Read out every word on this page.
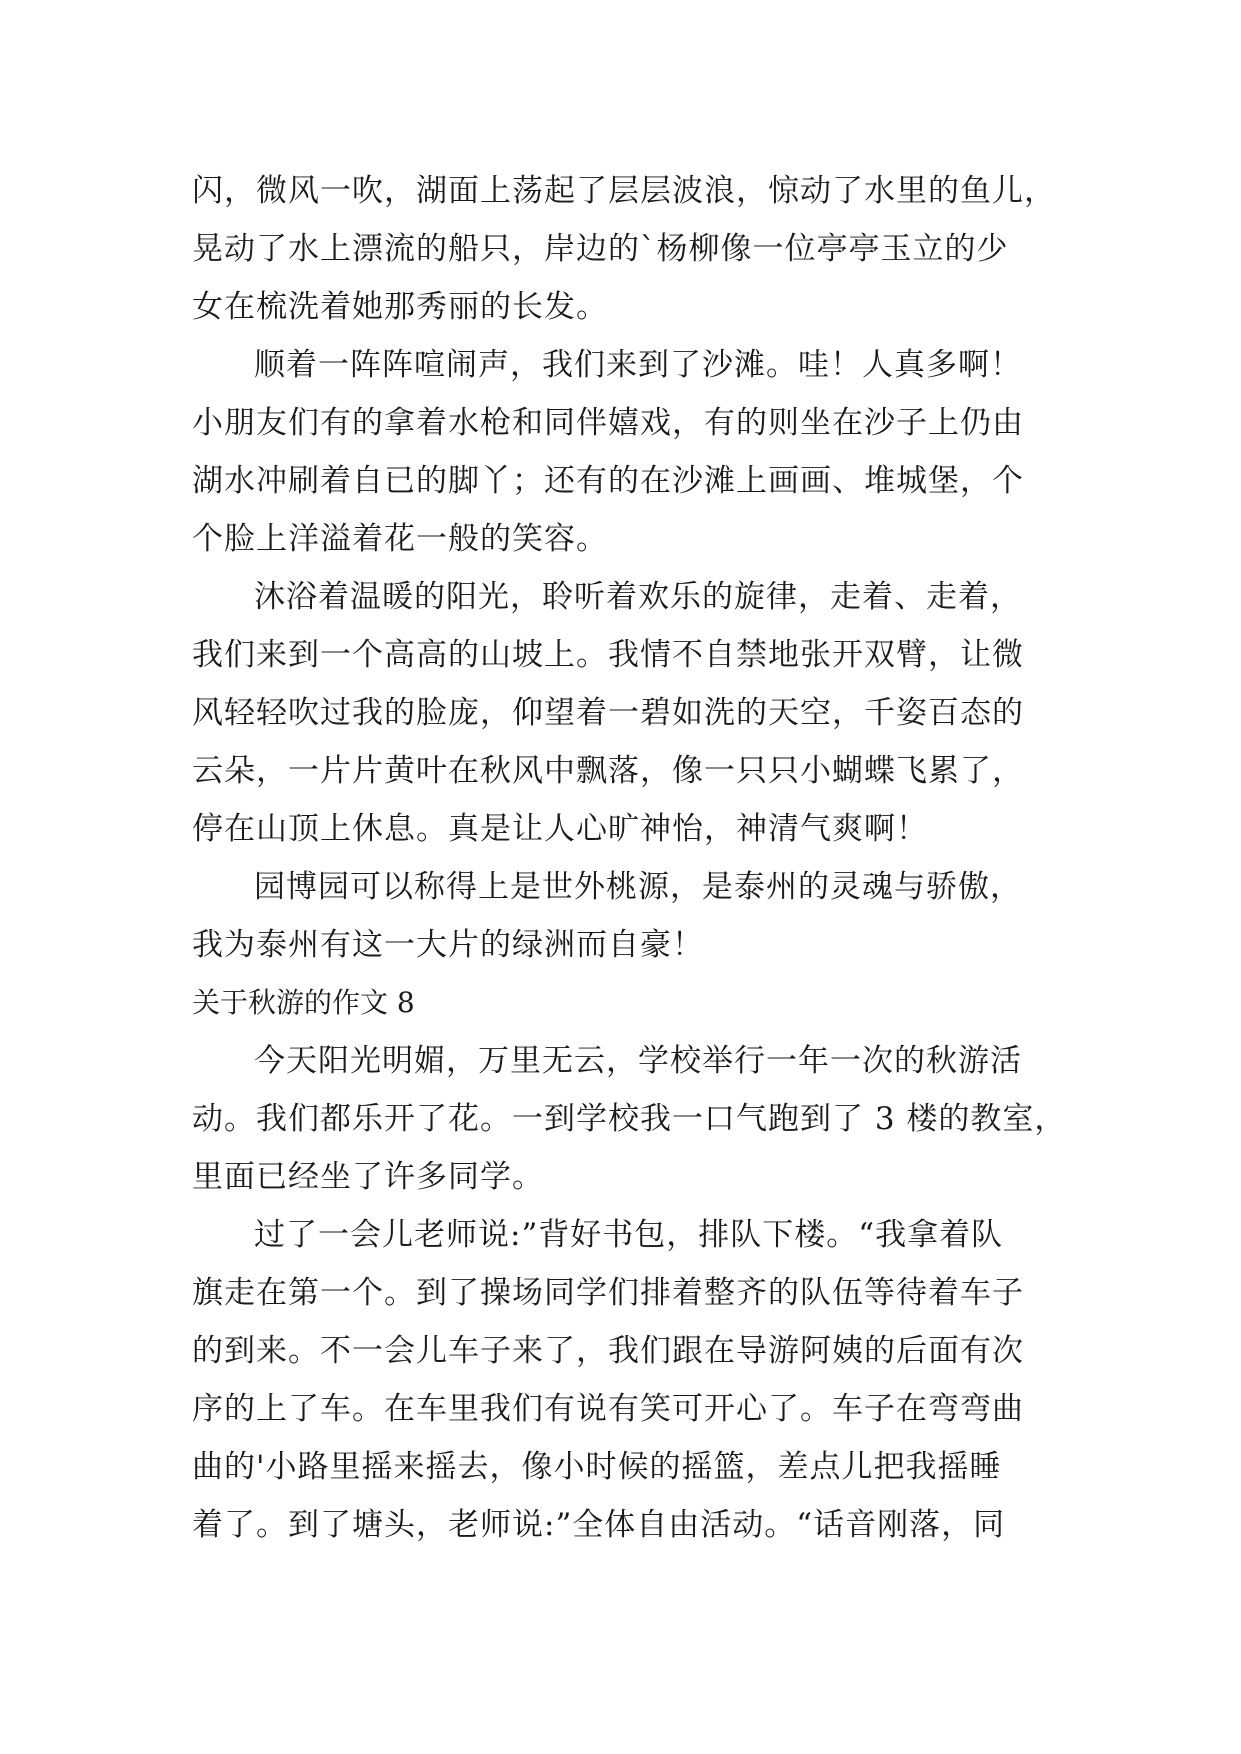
闪，微风一吹，湖面上荡起了层层波浪，惊动了水里的鱼儿，
晃动了水上漂流的船只，岸边的`杨柳像一位亭亭玉立的少
女在梳洗着她那秀丽的长发。
顺着一阵阵喧闹声，我们来到了沙滩。哇！人真多啊！
小朋友们有的拿着水枪和同伴嬉戏，有的则坐在沙子上仍由
湖水冲刷着自已的脚丫；还有的在沙滩上画画、堆城堡，个
个脸上洋溢着花一般的笑容。
沐浴着温暖的阳光，聆听着欢乐的旋律，走着、走着，
我们来到一个高高的山坡上。我情不自禁地张开双臂，让微
风轻轻吹过我的脸庞，仰望着一碧如洗的天空，千姿百态的
云朵，一片片黄叶在秋风中飘落，像一只只小蝴蝶飞累了，
停在山顶上休息。真是让人心旷神怡，神清气爽啊！
园博园可以称得上是世外桃源，是泰州的灵魂与骄傲，
我为泰州有这一大片的绿洲而自豪！
关于秋游的作文 8
今天阳光明媚，万里无云，学校举行一年一次的秋游活
动。我们都乐开了花。一到学校我一口气跑到了 3 楼的教室，
里面已经坐了许多同学。
过了一会儿老师说:”背好书包，排队下楼。“我拿着队
旗走在第一个。到了操场同学们排着整齐的队伍等待着车子
的到来。不一会儿车子来了，我们跟在导游阿姨的后面有次
序的上了车。在车里我们有说有笑可开心了。车子在弯弯曲
曲的'小路里摇来摇去，像小时候的摇篮，差点儿把我摇睡
着了。到了塘头，老师说:”全体自由活动。“话音刚落，同
